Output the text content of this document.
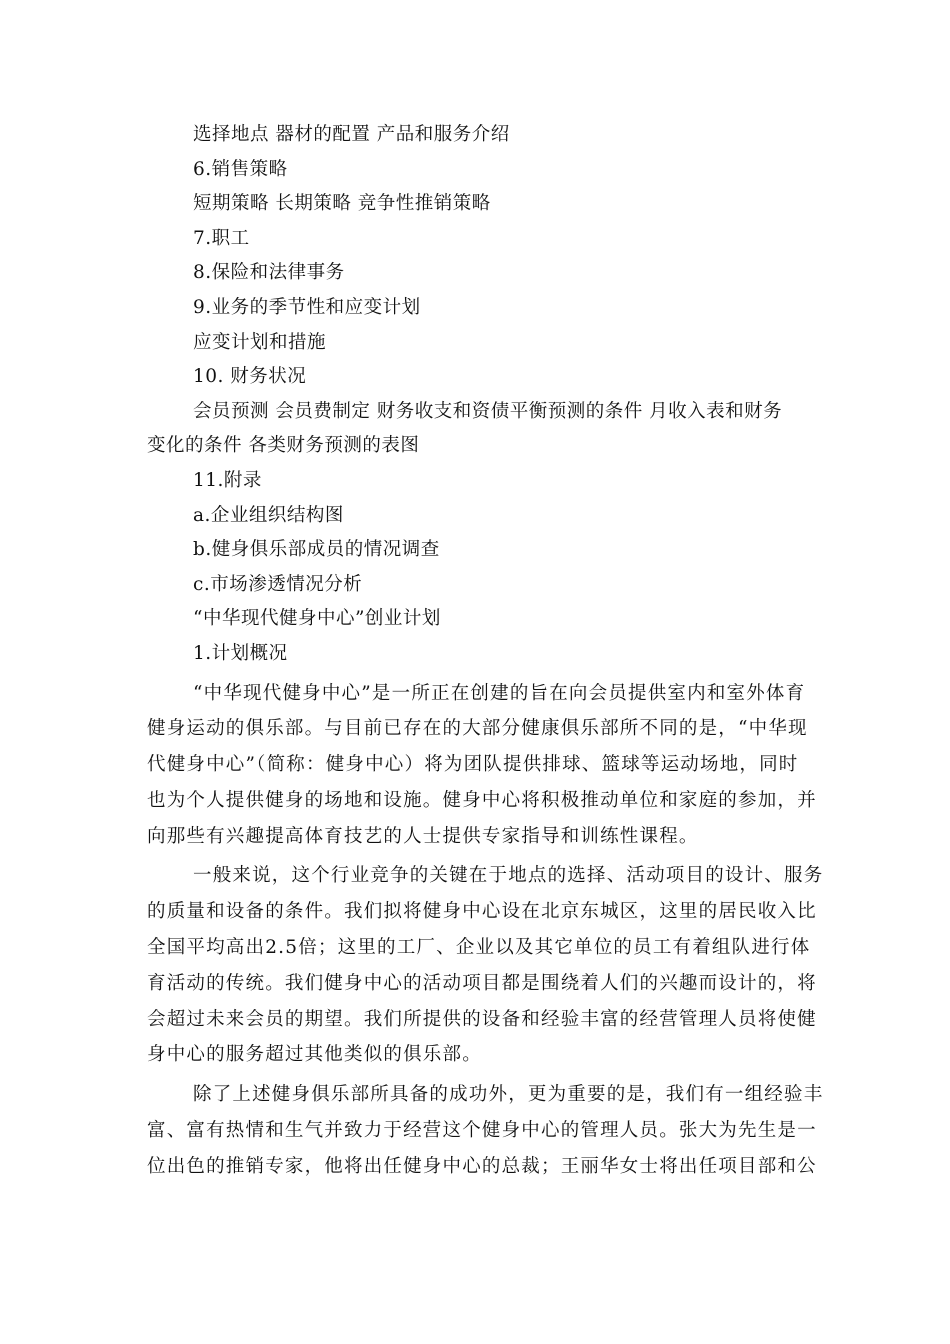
选择地点 器材的配置 产品和服务介绍
6.销售策略
短期策略 长期策略 竞争性推销策略
7.职工
8.保险和法律事务
9.业务的季节性和应变计划
应变计划和措施
10. 财务状况
会员预测 会员费制定 财务收支和资债平衡预测的条件 月收入表和财务
变化的条件 各类财务预测的表图
11.附录
a.企业组织结构图
b.健身俱乐部成员的情况调查
c.市场渗透情况分析
“中华现代健身中心”创业计划
1.计划概况
“中华现代健身中心”是一所正在创建的旨在向会员提供室内和室外体育
健身运动的俱乐部。与目前已存在的大部分健康俱乐部所不同的是，“中华现
代健身中心”（简称：健身中心）将为团队提供排球、篮球等运动场地，同时
也为个人提供健身的场地和设施。健身中心将积极推动单位和家庭的参加，并
向那些有兴趣提高体育技艺的人士提供专家指导和训练性课程。
一般来说，这个行业竞争的关键在于地点的选择、活动项目的设计、服务
的质量和设备的条件。我们拟将健身中心设在北京东城区，这里的居民收入比
全国平均高出2.5倍；这里的工厂、企业以及其它单位的员工有着组队进行体
育活动的传统。我们健身中心的活动项目都是围绕着人们的兴趣而设计的，将
会超过未来会员的期望。我们所提供的设备和经验丰富的经营管理人员将使健
身中心的服务超过其他类似的俱乐部。
除了上述健身俱乐部所具备的成功外，更为重要的是，我们有一组经验丰
富、富有热情和生气并致力于经营这个健身中心的管理人员。张大为先生是一
位出色的推销专家，他将出任健身中心的总裁；王丽华女士将出任项目部和公
